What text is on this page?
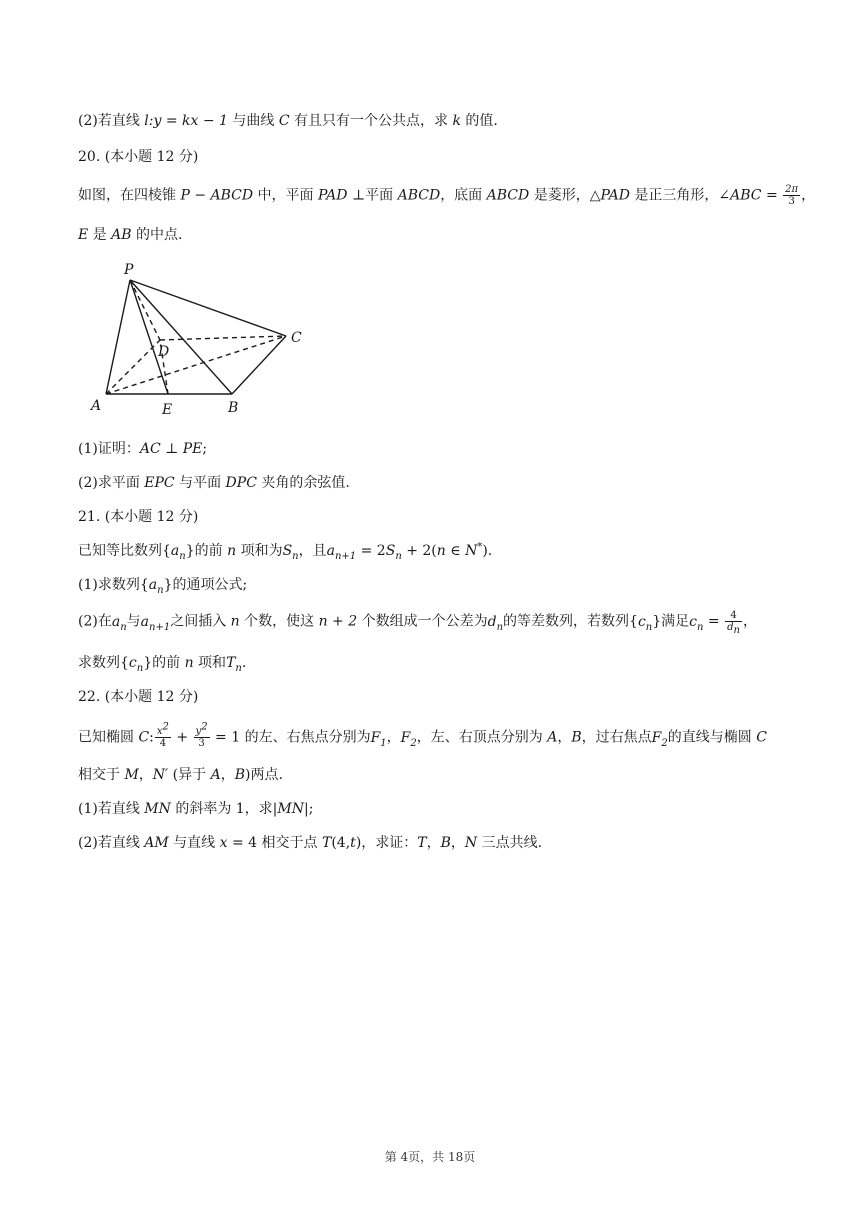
(2)若直线 l:y = kx − 1 与曲线 C 有且只有一个公共点，求 k 的值.
20. (本小题 12 分)
如图，在四棱锥 P − ABCD 中，平面 PAD ⊥平面 ABCD，底面 ABCD 是菱形，△PAD 是正三角形，∠ABC = $\frac{2\pi}{3}$ ，
E 是 AB 的中点.
P
A	E	B
C
D
(1)证明：AC ⊥ PE;
(2)求平面 EPC 与平面 DPC 夹角的余弦值.
21. (本小题 12 分)
已知等比数列$\{a_n\}$的前 n 项和为$S_n$，且$a_{n+1} = 2S_n + 2(n$ ∈ N*).
(1)求数列$\{a_n\}$的通项公式;
(2)在$a_n$与$a_{n+1}$之间插入 n 个数，使这 n + 2 个数组成一个公差为$d_n$的等差数列，若数列$\{c_n\}$满足$c_n = \frac{4}{d_n}$ ，
求数列$\{c_n\}$的前 n 项和$T_n$.
22. (本小题 12 分)
已知椭圆 C: $\frac{x^2}{4} + \frac{y^2}{3} = 1$ 的左、右焦点分别为$F_1$，$F_2$，左、右顶点分别为 A，B，过右焦点$F_2$的直线与椭圆 C
相交于 M，N′ (异于 A，B)两点.
(1)若直线 MN 的斜率为 1，求|MN|;
(2)若直线 AM 与直线 x = 4 相交于点 T(4,t)，求证：T，B，N 三点共线.
第 4页，共 18页
